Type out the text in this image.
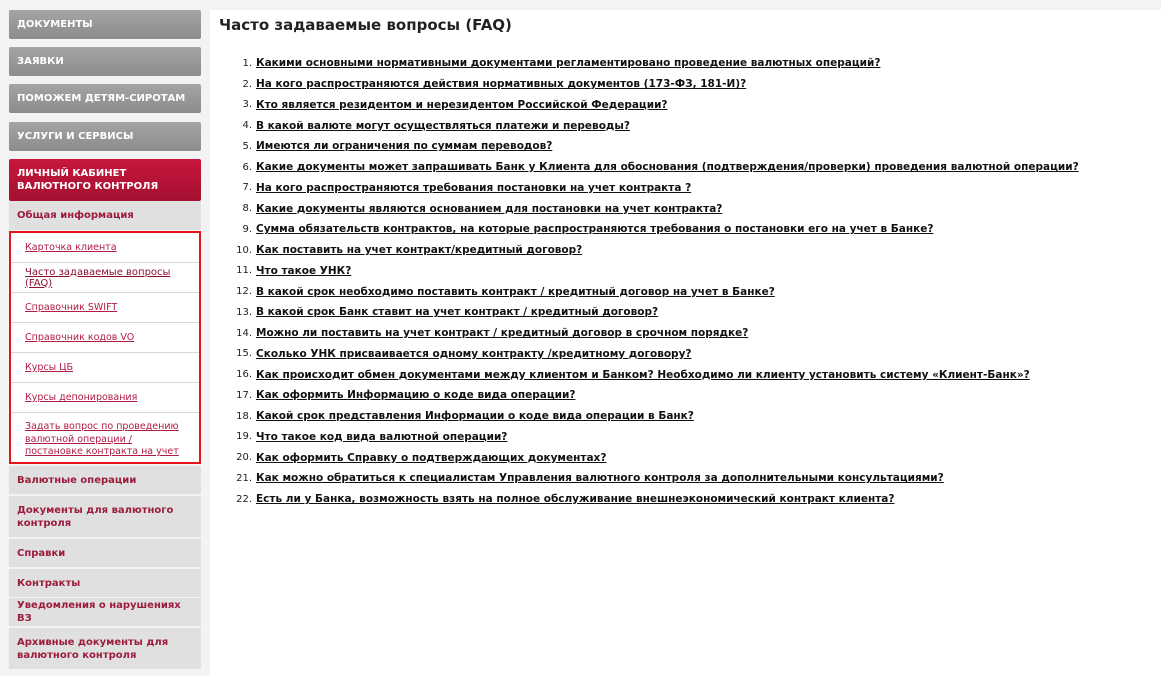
ДОКУМЕНТЫ
ЗАЯВКИ
ПОМОЖЕМ ДЕТЯМ-СИРОТАМ
УСЛУГИ И СЕРВИСЫ
ЛИЧНЫЙ КАБИНЕТ ВАЛЮТНОГО КОНТРОЛЯ
Общая информация
Карточка клиента
Часто задаваемые вопросы (FAQ)
Справочник SWIFT
Справочник кодов VO
Курсы ЦБ
Курсы депонирования
Задать вопрос по проведению валютной операции / постановке контракта на учет
Валютные операции
Документы для валютного контроля
Справки
Контракты
Уведомления о нарушениях ВЗ
Архивные документы для валютного контроля
Часто задаваемые вопросы (FAQ)
1. Какими основными нормативными документами регламентировано проведение валютных операций?
2. На кого распространяются действия нормативных документов (173-ФЗ, 181-И)?
3. Кто является резидентом и нерезидентом Российской Федерации?
4. В какой валюте могут осуществляться платежи и переводы?
5. Имеются ли ограничения по суммам переводов?
6. Какие документы может запрашивать Банк у Клиента для обоснования (подтверждения/проверки) проведения валютной операции?
7. На кого распространяются требования постановки на учет контракта ?
8. Какие документы являются основанием для постановки на учет контракта?
9. Сумма обязательств контрактов, на которые распространяются требования о постановки его на учет в Банке?
10. Как поставить на учет контракт/кредитный договор?
11. Что такое УНК?
12. В какой срок необходимо поставить контракт / кредитный договор на учет в Банке?
13. В какой срок Банк ставит на учет контракт / кредитный договор?
14. Можно ли поставить на учет контракт / кредитный договор в срочном порядке?
15. Сколько УНК присваивается одному контракту /кредитному договору?
16. Как происходит обмен документами между клиентом и Банком? Необходимо ли клиенту установить систему «Клиент-Банк»?
17. Как оформить Информацию о коде вида операции?
18. Какой срок представления Информации о коде вида операции в Банк?
19. Что такое код вида валютной операции?
20. Как оформить Справку о подтверждающих документах?
21. Как можно обратиться к специалистам Управления валютного контроля за дополнительными консультациями?
22. Есть ли у Банка, возможность взять на полное обслуживание внешнеэкономический контракт клиента?
